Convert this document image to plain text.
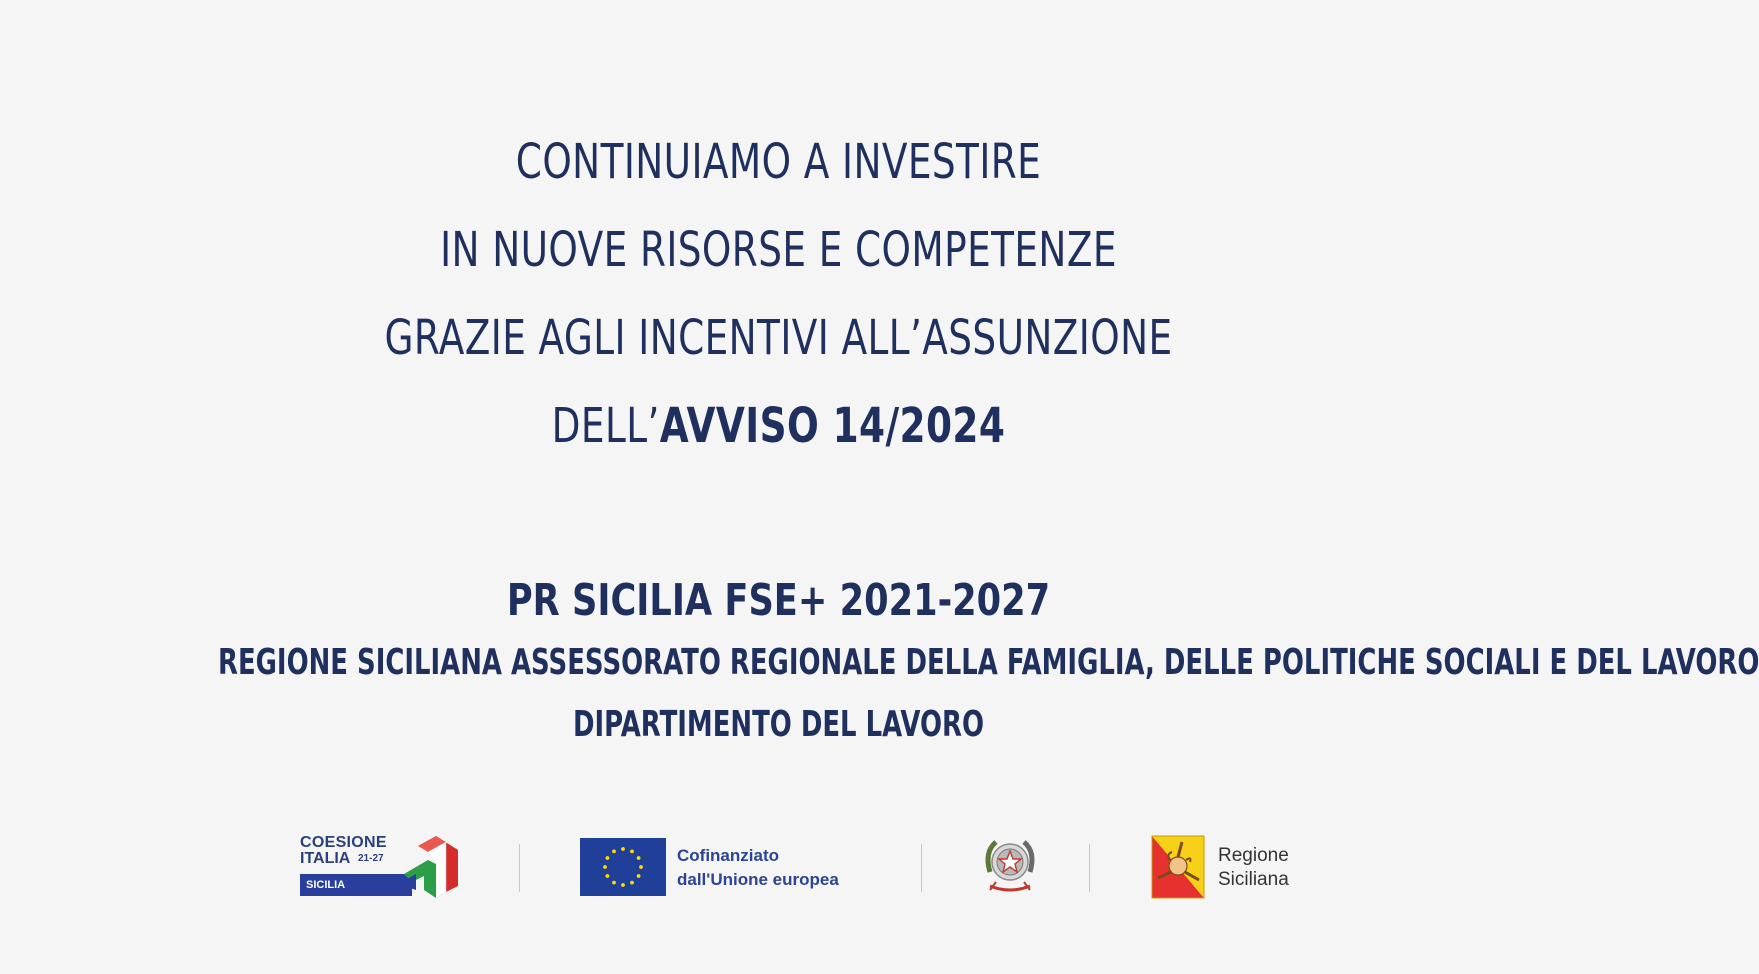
CONTINUIAMO A INVESTIRE
IN NUOVE RISORSE E COMPETENZE
GRAZIE AGLI INCENTIVI ALL’ASSUNZIONE
DELL’AVVISO 14/2024
PR SICILIA FSE+ 2021-2027
REGIONE SICILIANA ASSESSORATO REGIONALE DELLA FAMIGLIA, DELLE POLITICHE SOCIALI E DEL LAVORO
DIPARTIMENTO DEL LAVORO
COESIONE
ITALIA 21-27
SICILIA
Cofinanziato
dall'Unione europea
Regione
Siciliana
